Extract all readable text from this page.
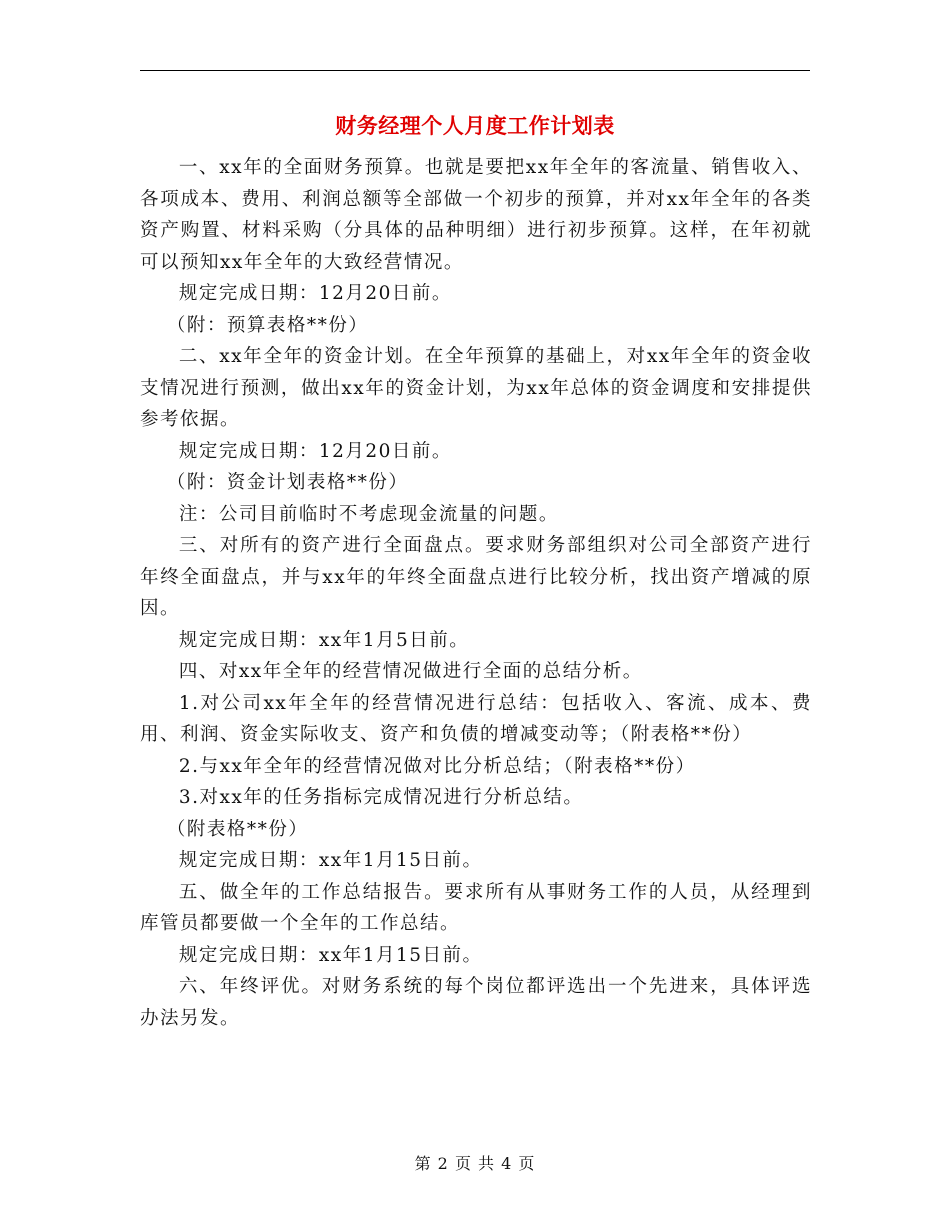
财务经理个人月度工作计划表

一、xx年的全面财务预算。也就是要把xx年全年的客流量、销售收入、各项成本、费用、利润总额等全部做一个初步的预算，并对xx年全年的各类资产购置、材料采购（分具体的品种明细）进行初步预算。这样，在年初就可以预知xx年全年的大致经营情况。

规定完成日期：12月20日前。

（附：预算表格**份）

二、xx年全年的资金计划。在全年预算的基础上，对xx年全年的资金收支情况进行预测，做出xx年的资金计划，为xx年总体的资金调度和安排提供参考依据。

规定完成日期：12月20日前。

（附：资金计划表格**份）

注：公司目前临时不考虑现金流量的问题。

三、对所有的资产进行全面盘点。要求财务部组织对公司全部资产进行年终全面盘点，并与xx年的年终全面盘点进行比较分析，找出资产增减的原因。

规定完成日期：xx年1月5日前。

四、对xx年全年的经营情况做进行全面的总结分析。

1.对公司xx年全年的经营情况进行总结：包括收入、客流、成本、费用、利润、资金实际收支、资产和负债的增减变动等；（附表格**份）

2.与xx年全年的经营情况做对比分析总结；（附表格**份）

3.对xx年的任务指标完成情况进行分析总结。

（附表格**份）

规定完成日期：xx年1月15日前。

五、做全年的工作总结报告。要求所有从事财务工作的人员，从经理到库管员都要做一个全年的工作总结。

规定完成日期：xx年1月15日前。

六、年终评优。对财务系统的每个岗位都评选出一个先进来，具体评选办法另发。

第 2 页 共 4 页
